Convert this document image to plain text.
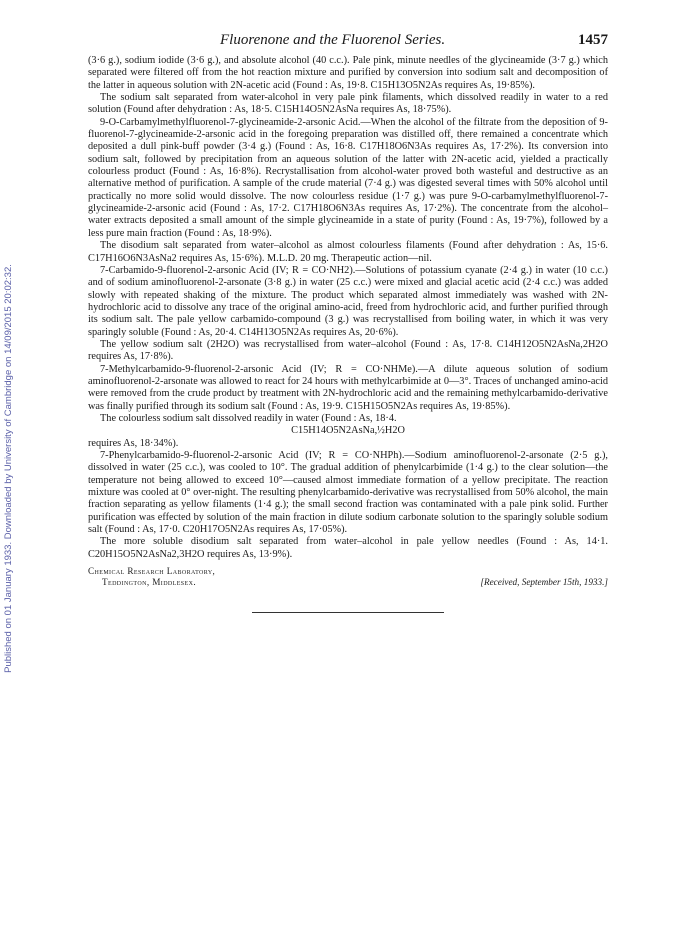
Published on 01 January 1933. Downloaded by University of Cambridge on 14/09/2015 20:02:32.
Fluorenone and the Fluorenol Series.	1457

(3·6 g.), sodium iodide (3·6 g.), and absolute alcohol (40 c.c.). Pale pink, minute needles of the glycineamide (3·7 g.) which separated were filtered off from the hot reaction mixture and purified by conversion into sodium salt and decomposition of the latter in aqueous solution with 2N-acetic acid (Found : As, 19·8. C15H13O5N2As requires As, 19·85%).

The sodium salt separated from water-alcohol in very pale pink filaments, which dissolved readily in water to a red solution (Found after dehydration : As, 18·5. C15H14O5N2AsNa requires As, 18·75%).

9-O-Carbamylmethylfluorenol-7-glycineamide-2-arsonic Acid.—When the alcohol of the filtrate from the deposition of 9-fluorenol-7-glycineamide-2-arsonic acid in the foregoing preparation was distilled off, there remained a concentrate which deposited a dull pink-buff powder (3·4 g.) (Found : As, 16·8. C17H18O6N3As requires As, 17·2%). Its conversion into sodium salt, followed by precipitation from an aqueous solution of the latter with 2N-acetic acid, yielded a practically colourless product (Found : As, 16·8%). Recrystallisation from alcohol-water proved both wasteful and destructive as an alternative method of purification. A sample of the crude material (7·4 g.) was digested several times with 50% alcohol until practically no more solid would dissolve. The now colourless residue (1·7 g.) was pure 9-O-carbamylmethylfluorenol-7-glycineamide-2-arsonic acid (Found : As, 17·2. C17H18O6N3As requires As, 17·2%). The concentrate from the alcohol–water extracts deposited a small amount of the simple glycineamide in a state of purity (Found : As, 19·7%), followed by a less pure main fraction (Found : As, 18·9%).

The disodium salt separated from water–alcohol as almost colourless filaments (Found after dehydration : As, 15·6. C17H16O6N3AsNa2 requires As, 15·6%). M.L.D. 20 mg. Therapeutic action—nil.

7-Carbamido-9-fluorenol-2-arsonic Acid (IV; R = CO·NH2).—Solutions of potassium cyanate (2·4 g.) in water (10 c.c.) and of sodium aminofluorenol-2-arsonate (3·8 g.) in water (25 c.c.) were mixed and glacial acetic acid (2·4 c.c.) was added slowly with repeated shaking of the mixture. The product which separated almost immediately was washed with 2N-hydrochloric acid to dissolve any trace of the original amino-acid, freed from hydrochloric acid, and further purified through its sodium salt. The pale yellow carbamido-compound (3 g.) was recrystallised from boiling water, in which it was very sparingly soluble (Found : As, 20·4. C14H13O5N2As requires As, 20·6%).

The yellow sodium salt (2H2O) was recrystallised from water–alcohol (Found : As, 17·8. C14H12O5N2AsNa,2H2O requires As, 17·8%).

7-Methylcarbamido-9-fluorenol-2-arsonic Acid (IV; R = CO·NHMe).—A dilute aqueous solution of sodium aminofluorenol-2-arsonate was allowed to react for 24 hours with methylcarbimide at 0—3°. Traces of unchanged amino-acid were removed from the crude product by treatment with 2N-hydrochloric acid and the remaining methylcarbamido-derivative was finally purified through its sodium salt (Found : As, 19·9. C15H15O5N2As requires As, 19·85%).

The colourless sodium salt dissolved readily in water (Found : As, 18·4.

C15H14O5N2AsNa,½H2O

requires As, 18·34%).

7-Phenylcarbamido-9-fluorenol-2-arsonic Acid (IV; R = CO·NHPh).—Sodium aminofluorenol-2-arsonate (2·5 g.), dissolved in water (25 c.c.), was cooled to 10°. The gradual addition of phenylcarbimide (1·4 g.) to the clear solution—the temperature not being allowed to exceed 10°—caused almost immediate formation of a yellow precipitate. The reaction mixture was cooled at 0° over-night. The resulting phenylcarbamido-derivative was recrystallised from 50% alcohol, the main fraction separating as yellow filaments (1·4 g.); the small second fraction was contaminated with a pale pink solid. Further purification was effected by solution of the main fraction in dilute sodium carbonate solution to the sparingly soluble sodium salt (Found : As, 17·0. C20H17O5N2As requires As, 17·05%).

The more soluble disodium salt separated from water–alcohol in pale yellow needles (Found : As, 14·1. C20H15O5N2AsNa2,3H2O requires As, 13·9%).

Chemical Research Laboratory,
Teddington, Middlesex.	[Received, September 15th, 1933.]
